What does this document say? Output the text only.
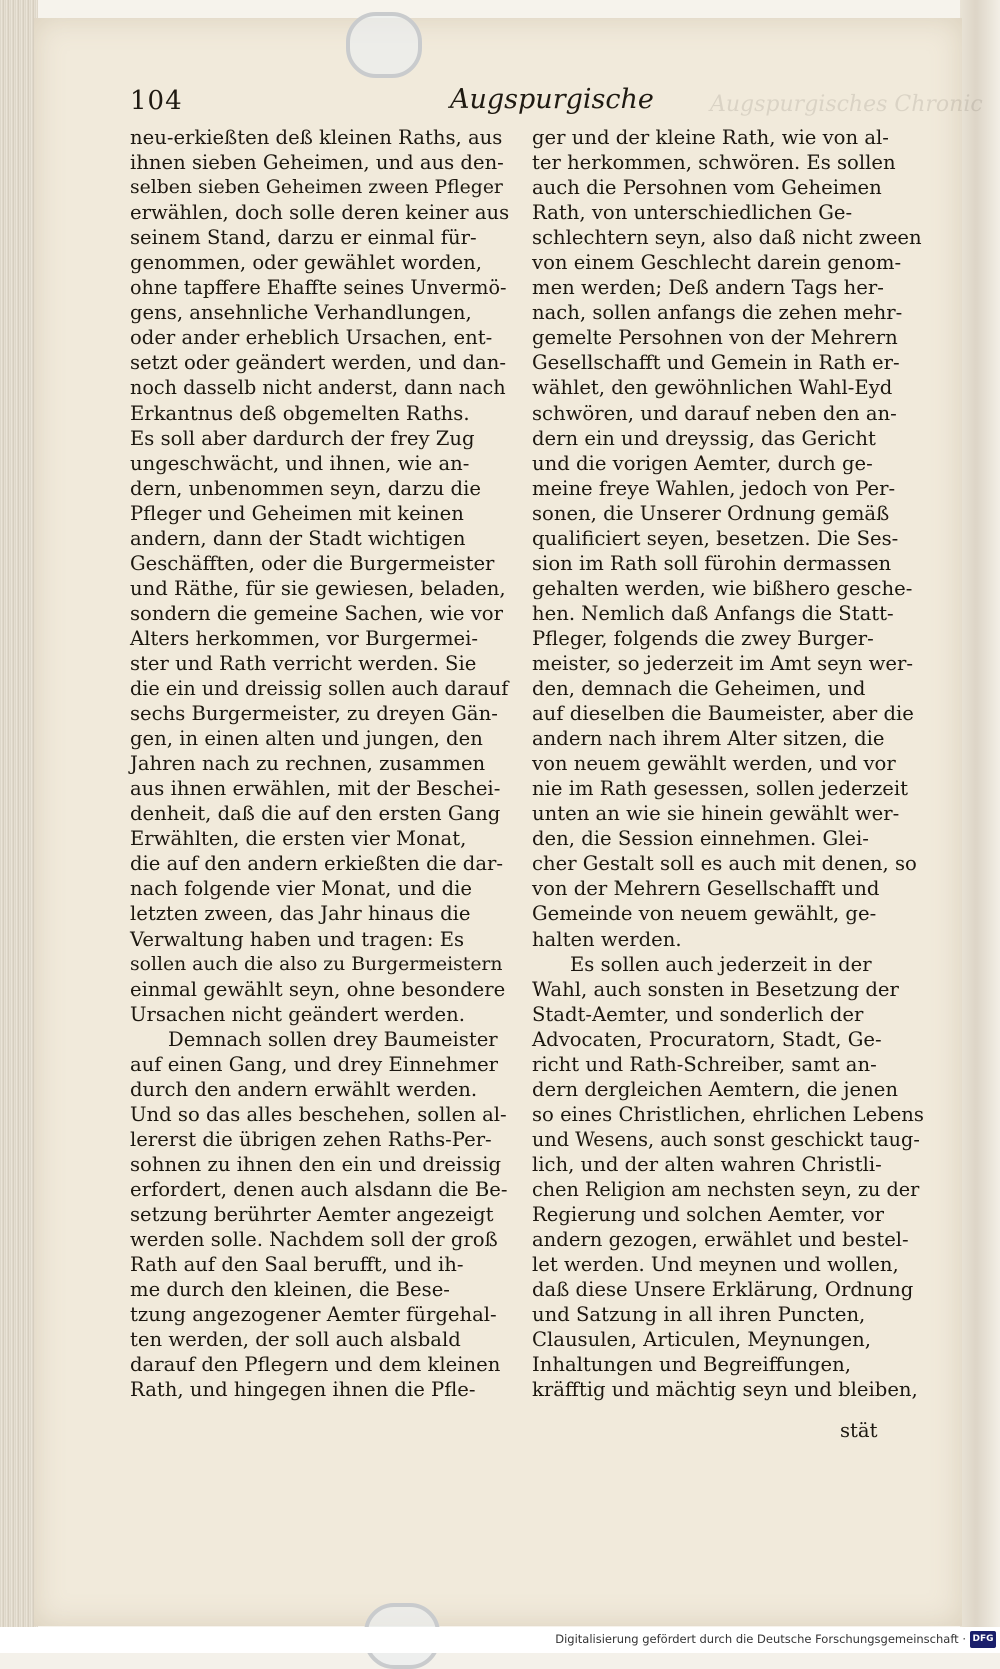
Augspurgisches Chronic
104	Augspurgische
neu-erkießten deß kleinen Raths, aus
ihnen sieben Geheimen, und aus den-
selben sieben Geheimen zween Pfleger
erwählen, doch solle deren keiner aus
seinem Stand, darzu er einmal für-
genommen, oder gewählet worden,
ohne tapffere Ehaffte seines Unvermö-
gens, ansehnliche Verhandlungen,
oder ander erheblich Ursachen, ent-
setzt oder geändert werden, und dan-
noch dasselb nicht anderst, dann nach
Erkantnus deß obgemelten Raths.
Es soll aber dardurch der frey Zug
ungeschwächt, und ihnen, wie an-
dern, unbenommen seyn, darzu die
Pfleger und Geheimen mit keinen
andern, dann der Stadt wichtigen
Geschäfften, oder die Burgermeister
und Räthe, für sie gewiesen, beladen,
sondern die gemeine Sachen, wie vor
Alters herkommen, vor Burgermei-
ster und Rath verricht werden. Sie
die ein und dreissig sollen auch darauf
sechs Burgermeister, zu dreyen Gän-
gen, in einen alten und jungen, den
Jahren nach zu rechnen, zusammen
aus ihnen erwählen, mit der Beschei-
denheit, daß die auf den ersten Gang
Erwählten, die ersten vier Monat,
die auf den andern erkießten die dar-
nach folgende vier Monat, und die
letzten zween, das Jahr hinaus die
Verwaltung haben und tragen: Es
sollen auch die also zu Burgermeistern
einmal gewählt seyn, ohne besondere
Ursachen nicht geändert werden.
Demnach sollen drey Baumeister
auf einen Gang, und drey Einnehmer
durch den andern erwählt werden.
Und so das alles beschehen, sollen al-
lererst die übrigen zehen Raths-Per-
sohnen zu ihnen den ein und dreissig
erfordert, denen auch alsdann die Be-
setzung berührter Aemter angezeigt
werden solle. Nachdem soll der groß
Rath auf den Saal berufft, und ih-
me durch den kleinen, die Bese-
tzung angezogener Aemter fürgehal-
ten werden, der soll auch alsbald
darauf den Pflegern und dem kleinen
Rath, und hingegen ihnen die Pfle-
ger und der kleine Rath, wie von al-
ter herkommen, schwören. Es sollen
auch die Persohnen vom Geheimen
Rath, von unterschiedlichen Ge-
schlechtern seyn, also daß nicht zween
von einem Geschlecht darein genom-
men werden; Deß andern Tags her-
nach, sollen anfangs die zehen mehr-
gemelte Persohnen von der Mehrern
Gesellschafft und Gemein in Rath er-
wählet, den gewöhnlichen Wahl-Eyd
schwören, und darauf neben den an-
dern ein und dreyssig, das Gericht
und die vorigen Aemter, durch ge-
meine freye Wahlen, jedoch von Per-
sonen, die Unserer Ordnung gemäß
qualificiert seyen, besetzen. Die Ses-
sion im Rath soll fürohin dermassen
gehalten werden, wie bißhero gesche-
hen. Nemlich daß Anfangs die Statt-
Pfleger, folgends die zwey Burger-
meister, so jederzeit im Amt seyn wer-
den, demnach die Geheimen, und
auf dieselben die Baumeister, aber die
andern nach ihrem Alter sitzen, die
von neuem gewählt werden, und vor
nie im Rath gesessen, sollen jederzeit
unten an wie sie hinein gewählt wer-
den, die Session einnehmen. Glei-
cher Gestalt soll es auch mit denen, so
von der Mehrern Gesellschafft und
Gemeinde von neuem gewählt, ge-
halten werden.
Es sollen auch jederzeit in der
Wahl, auch sonsten in Besetzung der
Stadt-Aemter, und sonderlich der
Advocaten, Procuratorn, Stadt, Ge-
richt und Rath-Schreiber, samt an-
dern dergleichen Aemtern, die jenen
so eines Christlichen, ehrlichen Lebens
und Wesens, auch sonst geschickt taug-
lich, und der alten wahren Christli-
chen Religion am nechsten seyn, zu der
Regierung und solchen Aemter, vor
andern gezogen, erwählet und bestel-
let werden. Und meynen und wollen,
daß diese Unsere Erklärung, Ordnung
und Satzung in all ihren Puncten,
Clausulen, Articulen, Meynungen,
Inhaltungen und Begreiffungen,
kräfftig und mächtig seyn und bleiben,
stät
Digitalisierung gefördert durch die Deutsche Forschungsgemeinschaft · DFG
